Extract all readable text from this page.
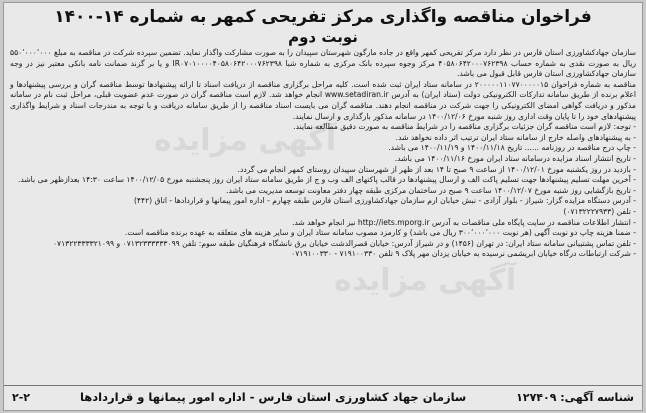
آگهی مزایده
آگهی مزایده
فراخوان مناقصه واگذاری مرکز تفریحی کمهر به شماره ۱۴-۱۴۰۰
نوبت دوم

سازمان جهادکشاورزی استان فارس در نظر دارد مرکز تفریحی کمهر واقع در جاده مارگون شهرستان سپیدان را به صورت مشارکت واگذار نماید. تضمین سپرده شرکت در مناقصه به مبلغ ۵۵۰٬۰۰۰٬۰۰۰ ریال به صورت نقدی به شماره حساب ۴۰۵۸۰۶۴۲۰۰۰۷۶۲۳۹۸ مرکز وجوه سپرده بانک مرکزی به شماره شبا IR۰۷۰۱۰۰۰۰۴۰۵۸۰۶۴۲۰۰۰۷۶۲۳۹۸ و یا بر گزند ضمانت نامه بانکی معتبر نیز در وجه سازمان جهادکشاورزی استان فارس قابل قبول می باشد.

مناقصه به شماره فراخوان ۲۰۰۰۰۰۱۱۰۷۷۰۰۰۰۰۱۵ در سامانه ستاد ایران ثبت شده است. کلیه مراحل برگزاری مناقصه از دریافت اسناد تا ارائه پیشنهادها توسط مناقصه گران و بررسی پیشنهادها و اعلام برنده از طریق سامانه تدارکات الکترونیکی دولت (ستاد ایران) به آدرس www.setadiran.ir انجام خواهد شد. لازم است مناقصه گران در صورت عدم عضویت قبلی، مراحل ثبت نام در سامانه مذکور و دریافت گواهی امضای الکترونیکی را جهت شرکت در مناقصه انجام دهند. مناقصه گران می بایست اسناد مناقصه را از طریق سامانه دریافت و با توجه به مندرجات اسناد و شرایط واگذاری پیشنهادهای خود را تا پایان وقت اداری روز شنبه مورخ ۱۴۰۰/۱۲/۰۶ در سامانه مذکور بارگذاری و ارسال نمایند.

- توجه: لازم است مناقصه گران جزئیات برگزاری مناقصه را در شرایط مناقصه به صورت دقیق مطالعه نمایند.

- به پیشنهادهای واصله خارج از سامانه ستاد ایران ترتیب اثر داده نخواهد شد.

- چاپ درج مناقصه در روزنامه ...... تاریخ ۱۴۰۰/۱۱/۱۸ و ۱۴۰۰/۱۱/۱۹ می باشد.

- تاریخ انتشار اسناد مزایده درسامانه ستاد ایران مورخ ۱۴۰۰/۱۱/۱۶ می باشد.

- بازدید در روز یکشنبه مورخ ۱۴۰۰/۱۲/۰۱ از ساعت ۹ صبح تا ۱۴ بعد از ظهر از شهرستان سپیدان روستای کمهر انجام می گردد.

- آخرین مهلت تسلیم پیشنهادها جهت تسلیم پاکت الف و ارسال پیشنهادها در قالب پاکتهای الف وب و ج از طریق سامانه ستاد ایران روز پنجشنبه مورخ ۱۴۰۰/۱۲/۰۵ ساعت ۱۴:۳۰ بعدازظهر می باشد.

- تاریخ بازگشایی روز شنبه مورخ ۱۴۰۰/۱۲/۰۷ ساعت ۹ صبح در ساختمان مرکزی طبقه چهار دفتر معاونت توسعه مدیریت می باشد.

- آدرس دستگاه مزایده گزار: شیراز - بلوار آزادی - نبش خیابان ارم سازمان جهادکشاورزی استان فارس طبقه چهارم - اداره امور پیمانها و قراردادها - اتاق (۴۴۲)

- تلفن (۰۷۱۳۲۲۲۷۹۳۳)

- انتشار اطلاعات مناقصه در سایت پایگاه ملی مناقصات به آدرس http://iets.mporg.ir نیز انجام خواهد شد.

- ضمنا هزینه چاپ دو نوبت آگهی (هر نوبت ۳۰۰٬۰۰۰٬۰۰۰ ریال می باشد) و کارمزد مصوب سامانه ستاد ایران و سایر هزینه های متعلقه به عهده برنده مناقصه است.

- تلفن تماس پشتیبانی سامانه ستاد ایران: در تهران (۱۴۵۶) و در شیراز آدرس: خیابان قصرالدشت خیابان برق نانشگاه فرهنگیان طبقه سوم: تلفن ۰۷۱۳۲۳۳۳۳۳۳۰۹۹ و ۰۷۱۳۲۲۳۳۳۳۲۱۰۹۹

- شرکت ارتباطات درگاه خیابان ابریشمی نرسیده به خیابان یزدان مهر پلاک ۹ تلفن ۷۱۹۱۰۰۳۳۰ - ۰۷۱۹۱۰۰۳۳۰

شناسه آگهی: ۱۲۷۴۰۹
سازمان جهاد کشاورزی استان فارس - اداره امور پیمانها و قراردادها
۲-۲
